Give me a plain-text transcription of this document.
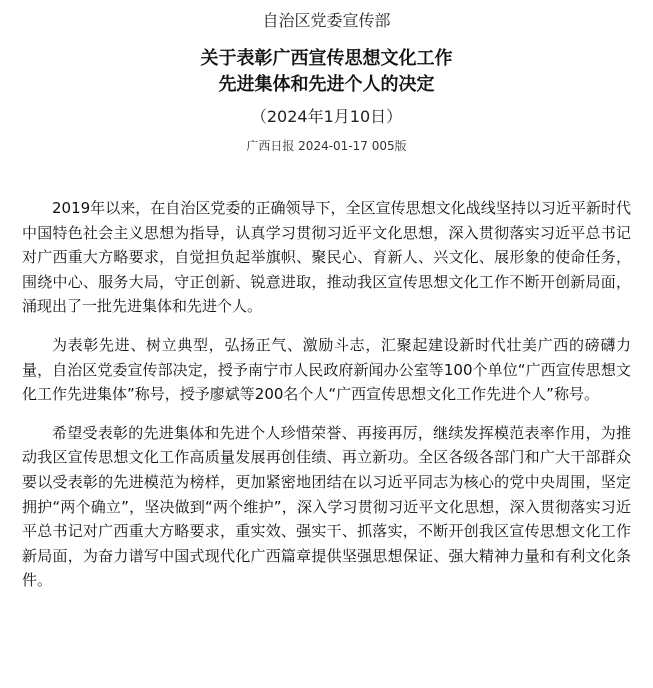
自治区党委宣传部
关于表彰广西宣传思想文化工作
先进集体和先进个人的决定
（2024年1月10日）
广西日报 2024-01-17 005版

2019年以来，在自治区党委的正确领导下，全区宣传思想文化战线坚持以习近平新时代中国特色社会主义思想为指导，认真学习贯彻习近平文化思想，深入贯彻落实习近平总书记对广西重大方略要求，自觉担负起举旗帜、聚民心、育新人、兴文化、展形象的使命任务，围绕中心、服务大局，守正创新、锐意进取，推动我区宣传思想文化工作不断开创新局面，涌现出了一批先进集体和先进个人。

为表彰先进、树立典型，弘扬正气、激励斗志，汇聚起建设新时代壮美广西的磅礴力量，自治区党委宣传部决定，授予南宁市人民政府新闻办公室等100个单位“广西宣传思想文化工作先进集体”称号，授予廖斌等200名个人“广西宣传思想文化工作先进个人”称号。

希望受表彰的先进集体和先进个人珍惜荣誉、再接再厉，继续发挥模范表率作用，为推动我区宣传思想文化工作高质量发展再创佳绩、再立新功。全区各级各部门和广大干部群众要以受表彰的先进模范为榜样，更加紧密地团结在以习近平同志为核心的党中央周围，坚定拥护“两个确立”，坚决做到“两个维护”，深入学习贯彻习近平文化思想，深入贯彻落实习近平总书记对广西重大方略要求，重实效、强实干、抓落实，不断开创我区宣传思想文化工作新局面，为奋力谱写中国式现代化广西篇章提供坚强思想保证、强大精神力量和有利文化条件。
